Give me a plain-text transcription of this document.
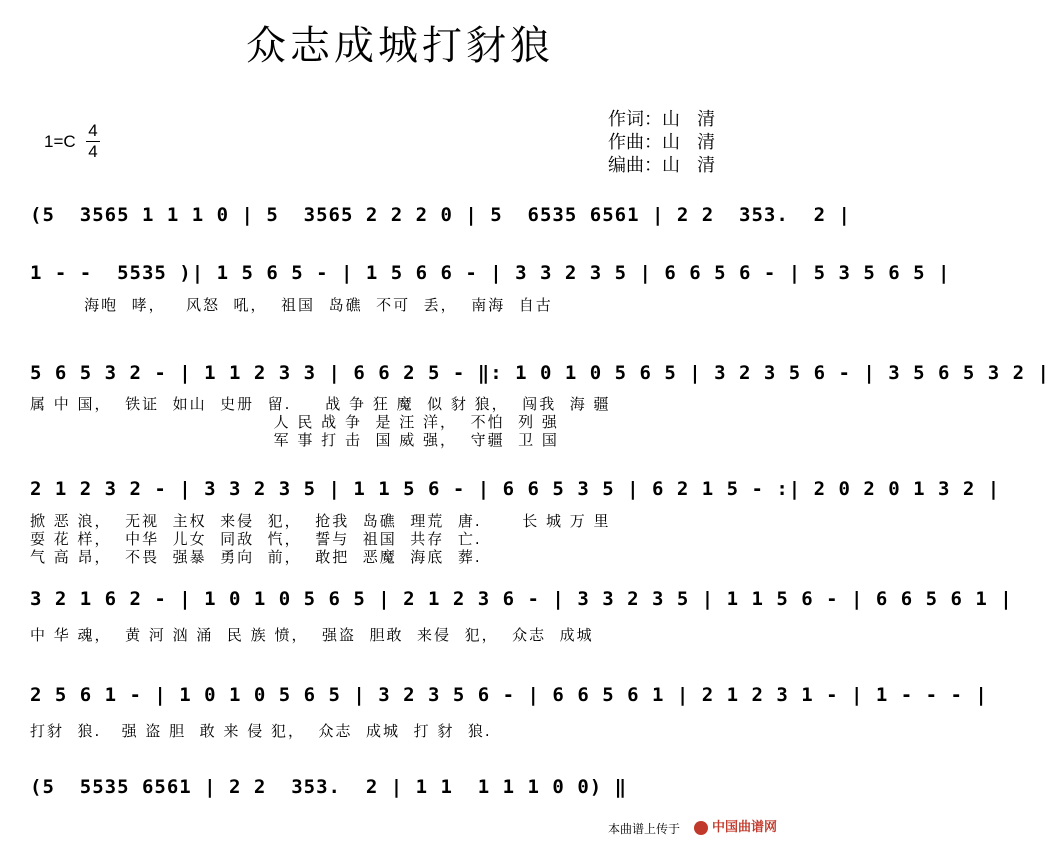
众志成城打豺狼
1=C
4
4
作词：山   清
作曲：山   清
编曲：山   清
(5  3565 1 1 1 0 | 5  3565 2 2 2 0 | 5  6535 6561 | 2 2  353.  2 |
1 - -  5535 )| 1 5 6 5 - | 1 5 6 6 - | 3 3 2 3 5 | 6 6 5 6 - | 5 3 5 6 5 |
海咆  哮，   风怒  吼，  祖国  岛礁  不可  丢，  南海  自古
5 6 5 3 2 - | 1 1 2 3 3 | 6 6 2 5 - ‖: 1 0 1 0 5 6 5 | 3 2 3 5 6 - | 3 5 6 5 3 2 |
属 中 国，  铁证  如山  史册  留.     战 争 狂 魔  似 豺 狼，  闯我  海 疆
人 民 战 争  是 汪 洋，  不怕  列 强
军 事 打 击  国 威 强，  守疆  卫 国
2 1 2 3 2 - | 3 3 2 3 5 | 1 1 5 6 - | 6 6 5 3 5 | 6 2 1 5 - :| 2 0 2 0 1 3 2 |
掀 恶 浪，  无视  主权  来侵  犯，  抢我  岛礁  理荒  唐.      长 城 万 里
耍 花 样，  中华  儿女  同敌  忾，  誓与  祖国  共存  亡.
气 高 昂，  不畏  强暴  勇向  前，  敢把  恶魔  海底  葬.
3 2 1 6 2 - | 1 0 1 0 5 6 5 | 2 1 2 3 6 - | 3 3 2 3 5 | 1 1 5 6 - | 6 6 5 6 1 |
中 华 魂，  黄 河 汹 涌  民 族 愤，  强盗  胆敢  来侵  犯，  众志  成城
2 5 6 1 - | 1 0 1 0 5 6 5 | 3 2 3 5 6 - | 6 6 5 6 1 | 2 1 2 3 1 - | 1 - - - |
打豺  狼.   强 盗 胆  敢 来 侵 犯，  众志  成城  打 豺  狼.
(5  5535 6561 | 2 2  353.  2 | 1 1  1 1 1 0 0) ‖
本曲谱上传于	中国曲谱网
